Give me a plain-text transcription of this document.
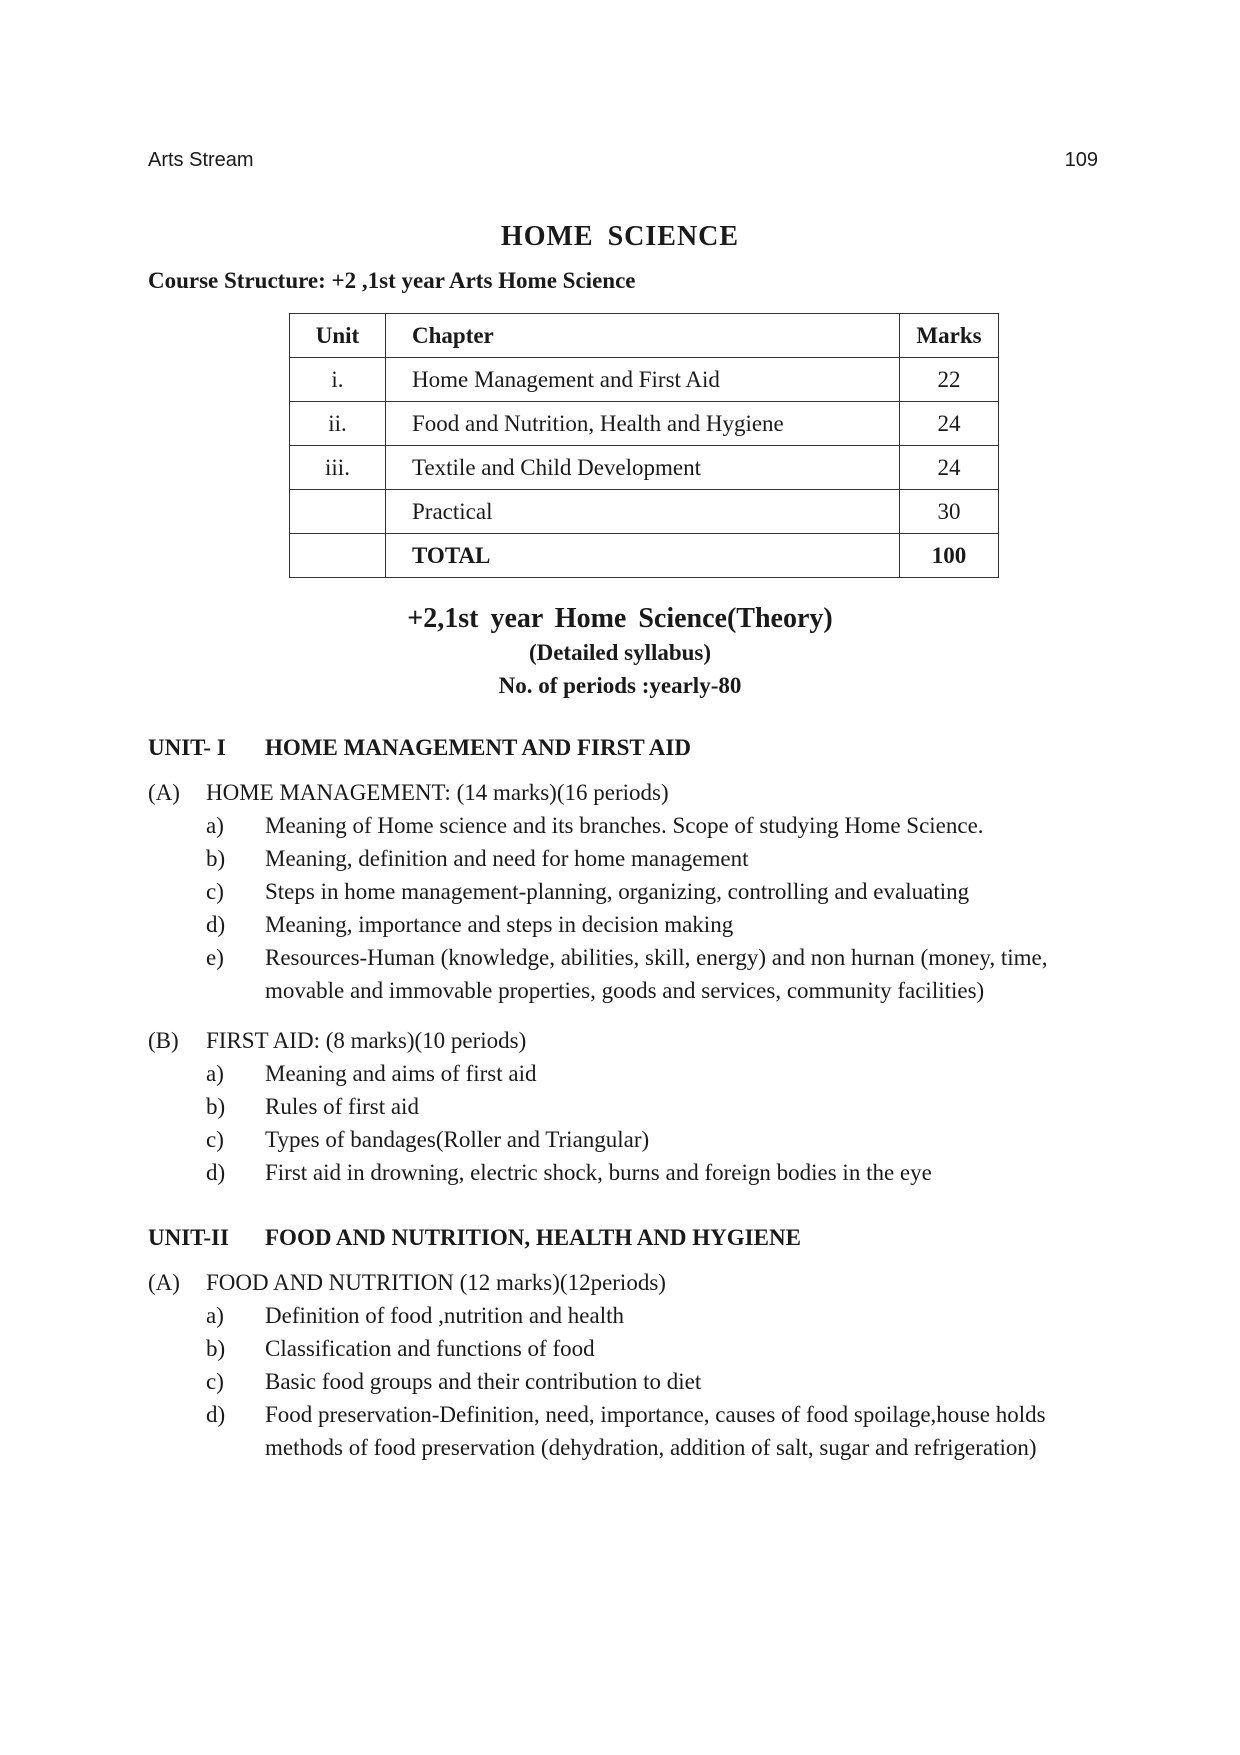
Arts Stream	109
HOME SCIENCE
Course Structure: +2 ,1st year Arts Home Science
Unit	Chapter	Marks
i.	Home Management and First Aid	22
ii.	Food and Nutrition, Health and Hygiene	24
iii.	Textile and Child Development	24
	Practical	30
	TOTAL	100
+2,1st year Home Science(Theory)
(Detailed syllabus)
No. of periods :yearly-80
UNIT- I HOME MANAGEMENT AND FIRST AID
(A) HOME MANAGEMENT: (14 marks)(16 periods)
a) Meaning of Home science and its branches. Scope of studying Home Science.
b) Meaning, definition and need for home management
c) Steps in home management-planning, organizing, controlling and evaluating
d) Meaning, importance and steps in decision making
e) Resources-Human (knowledge, abilities, skill, energy) and non hurnan (money, time, movable and immovable properties, goods and services, community facilities)
(B) FIRST AID: (8 marks)(10 periods)
a) Meaning and aims of first aid
b) Rules of first aid
c) Types of bandages(Roller and Triangular)
d) First aid in drowning, electric shock, burns and foreign bodies in the eye
UNIT-II FOOD AND NUTRITION, HEALTH AND HYGIENE
(A) FOOD AND NUTRITION (12 marks)(12periods)
a) Definition of food ,nutrition and health
b) Classification and functions of food
c) Basic food groups and their contribution to diet
d) Food preservation-Definition, need, importance, causes of food spoilage,house holds methods of food preservation (dehydration, addition of salt, sugar and refrigeration)
